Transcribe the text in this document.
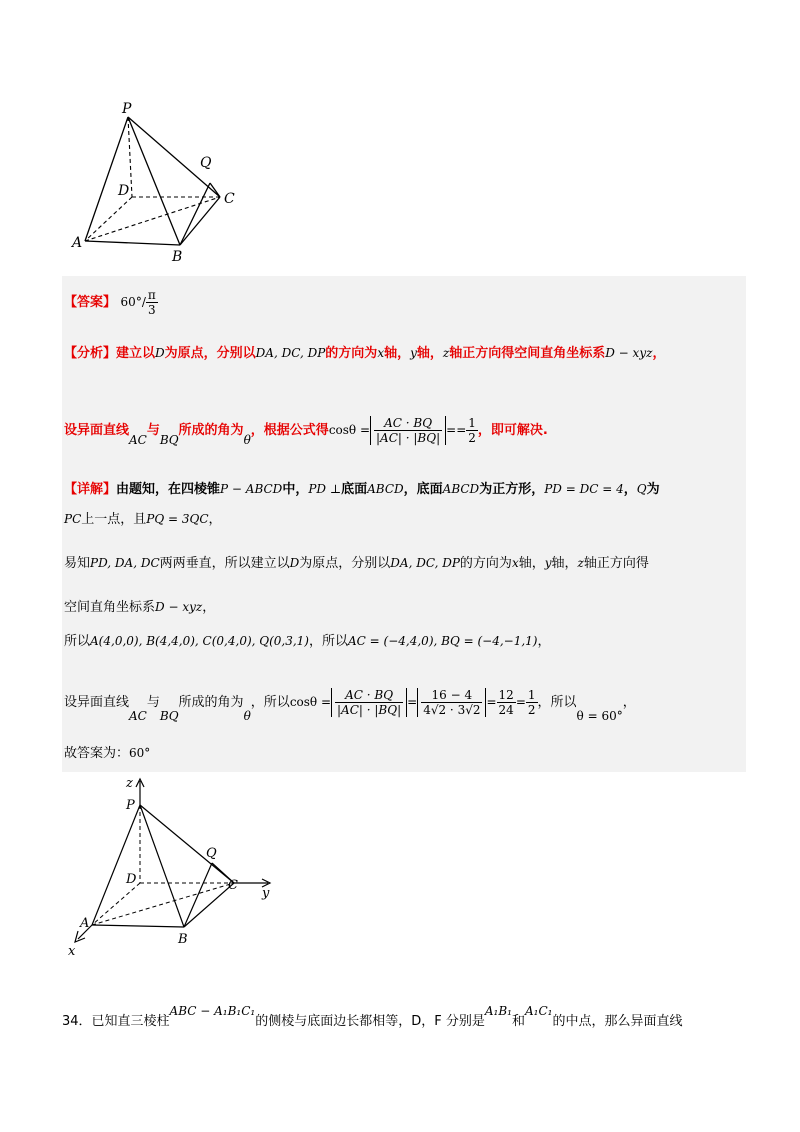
P
Q
D	C
A
B
【答案】 $60^\circ/ \frac{\pi}{3}$
【分析】建立以D为原点，分别以DA, DC, DP的方向为x轴，y轴，z轴正方向得空间直角坐标系D − xyz，
设异面直线AC与BQ所成的角为θ，根据公式得$\cos\theta = \frac{AC \cdot BQ}{|AC| \cdot |BQ|} == \frac{1}{2}$ ，即可解决.
【详解】由题知，在四棱锥P − ABCD中，PD ⊥底面ABCD，底面ABCD为正方形，PD = DC = 4，Q为
PC上一点，且PQ = 3QC，
易知PD, DA, DC两两垂直，所以建立以D为原点，分别以DA, DC, DP的方向为x轴，y轴，z轴正方向得
空间直角坐标系D − xyz，
所以A(4,0,0), B(4,4,0), C(0,4,0), Q(0,3,1)，所以AC = (−4,4,0), BQ = (−4,−1,1)，
设异面直线AC与BQ所成的角为θ，所以$\cos\theta = \frac{AC \cdot BQ}{|AC| \cdot |BQ|} = \frac{16 - 4}{4√2 \cdot 3√2} = \frac{12}{24} = \frac{1}{2}$ ，所以θ = 60°，
故答案为：60°
z
P
Q
D	C
y
A
B
x
34．已知直三棱柱ABC − A₁B₁C₁的侧棱与底面边长都相等，D，F 分别是A₁B₁和A₁C₁的中点，那么异面直线
